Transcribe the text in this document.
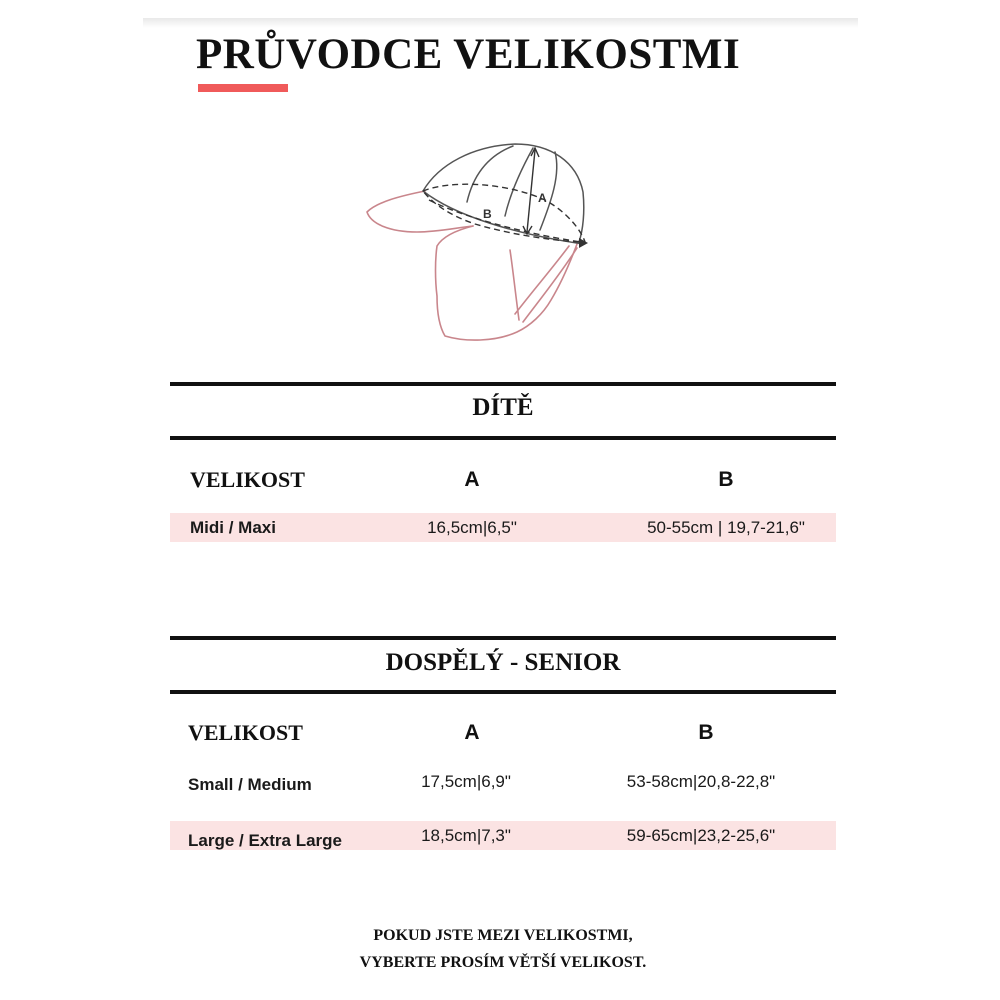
PRŮVODCE VELIKOSTMI
A
B
DÍTĚ
VELIKOST	A	B
Midi / Maxi	16,5cm|6,5"	50-55cm | 19,7-21,6"
DOSPĚLÝ - SENIOR
VELIKOST	A	B
Small / Medium	17,5cm|6,9"	53-58cm|20,8-22,8"
Large / Extra Large	18,5cm|7,3"	59-65cm|23,2-25,6"
POKUD JSTE MEZI VELIKOSTMI,
VYBERTE PROSÍM VĚTŠÍ VELIKOST.
